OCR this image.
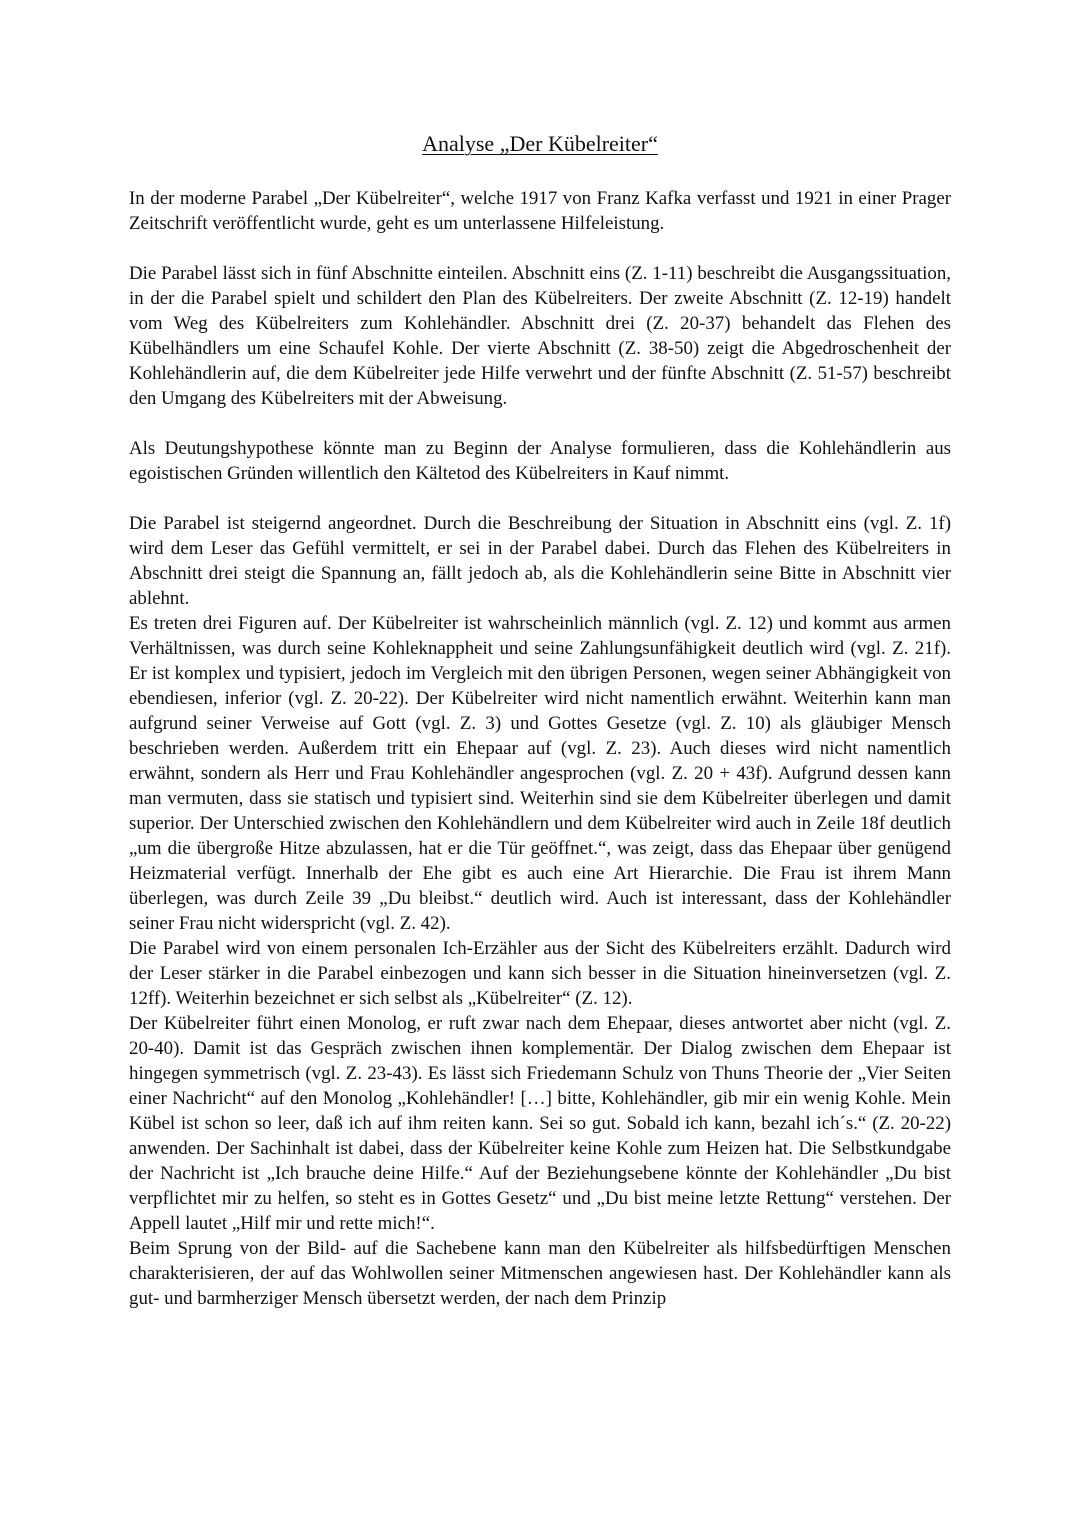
Analyse „Der Kübelreiter“

In der moderne Parabel „Der Kübelreiter“, welche 1917 von Franz Kafka verfasst und 1921 in einer Prager Zeitschrift veröffentlicht wurde, geht es um unterlassene Hilfeleistung.

Die Parabel lässt sich in fünf Abschnitte einteilen. Abschnitt eins (Z. 1-11) beschreibt die Ausgangssituation, in der die Parabel spielt und schildert den Plan des Kübelreiters. Der zweite Abschnitt (Z. 12-19) handelt vom Weg des Kübelreiters zum Kohlehändler. Abschnitt drei (Z. 20-37) behandelt das Flehen des Kübelhändlers um eine Schaufel Kohle. Der vierte Abschnitt (Z. 38-50) zeigt die Abgedroschenheit der Kohlehändlerin auf, die dem Kübelreiter jede Hilfe verwehrt und der fünfte Abschnitt (Z. 51-57) beschreibt den Umgang des Kübelreiters mit der Abweisung.

Als Deutungshypothese könnte man zu Beginn der Analyse formulieren, dass die Kohlehändlerin aus egoistischen Gründen willentlich den Kältetod des Kübelreiters in Kauf nimmt.

Die Parabel ist steigernd angeordnet. Durch die Beschreibung der Situation in Abschnitt eins (vgl. Z. 1f) wird dem Leser das Gefühl vermittelt, er sei in der Parabel dabei. Durch das Flehen des Kübelreiters in Abschnitt drei steigt die Spannung an, fällt jedoch ab, als die Kohlehändlerin seine Bitte in Abschnitt vier ablehnt.

Es treten drei Figuren auf. Der Kübelreiter ist wahrscheinlich männlich (vgl. Z. 12) und kommt aus armen Verhältnissen, was durch seine Kohleknappheit und seine Zahlungsunfähigkeit deutlich wird (vgl. Z. 21f). Er ist komplex und typisiert, jedoch im Vergleich mit den übrigen Personen, wegen seiner Abhängigkeit von ebendiesen, inferior (vgl. Z. 20-22). Der Kübelreiter wird nicht namentlich erwähnt. Weiterhin kann man aufgrund seiner Verweise auf Gott (vgl. Z. 3) und Gottes Gesetze (vgl. Z. 10) als gläubiger Mensch beschrieben werden. Außerdem tritt ein Ehepaar auf (vgl. Z. 23). Auch dieses wird nicht namentlich erwähnt, sondern als Herr und Frau Kohlehändler angesprochen (vgl. Z. 20 + 43f). Aufgrund dessen kann man vermuten, dass sie statisch und typisiert sind. Weiterhin sind sie dem Kübelreiter überlegen und damit superior. Der Unterschied zwischen den Kohlehändlern und dem Kübelreiter wird auch in Zeile 18f deutlich „um die übergroße Hitze abzulassen, hat er die Tür geöffnet.“, was zeigt, dass das Ehepaar über genügend Heizmaterial verfügt. Innerhalb der Ehe gibt es auch eine Art Hierarchie. Die Frau ist ihrem Mann überlegen, was durch Zeile 39 „Du bleibst.“ deutlich wird. Auch ist interessant, dass der Kohlehändler seiner Frau nicht widerspricht (vgl. Z. 42).

Die Parabel wird von einem personalen Ich-Erzähler aus der Sicht des Kübelreiters erzählt. Dadurch wird der Leser stärker in die Parabel einbezogen und kann sich besser in die Situation hineinversetzen (vgl. Z. 12ff). Weiterhin bezeichnet er sich selbst als „Kübelreiter“ (Z. 12).

Der Kübelreiter führt einen Monolog, er ruft zwar nach dem Ehepaar, dieses antwortet aber nicht (vgl. Z. 20-40). Damit ist das Gespräch zwischen ihnen komplementär. Der Dialog zwischen dem Ehepaar ist hingegen symmetrisch (vgl. Z. 23-43). Es lässt sich Friedemann Schulz von Thuns Theorie der „Vier Seiten einer Nachricht“ auf den Monolog „Kohlehändler! […] bitte, Kohlehändler, gib mir ein wenig Kohle. Mein Kübel ist schon so leer, daß ich auf ihm reiten kann. Sei so gut. Sobald ich kann, bezahl ich´s.“ (Z. 20-22) anwenden. Der Sachinhalt ist dabei, dass der Kübelreiter keine Kohle zum Heizen hat. Die Selbstkundgabe der Nachricht ist „Ich brauche deine Hilfe.“ Auf der Beziehungsebene könnte der Kohlehändler „Du bist verpflichtet mir zu helfen, so steht es in Gottes Gesetz“ und „Du bist meine letzte Rettung“ verstehen. Der Appell lautet „Hilf mir und rette mich!“.

Beim Sprung von der Bild- auf die Sachebene kann man den Kübelreiter als hilfsbedürftigen Menschen charakterisieren, der auf das Wohlwollen seiner Mitmenschen angewiesen hast. Der Kohlehändler kann als gut- und barmherziger Mensch übersetzt werden, der nach dem Prinzip
